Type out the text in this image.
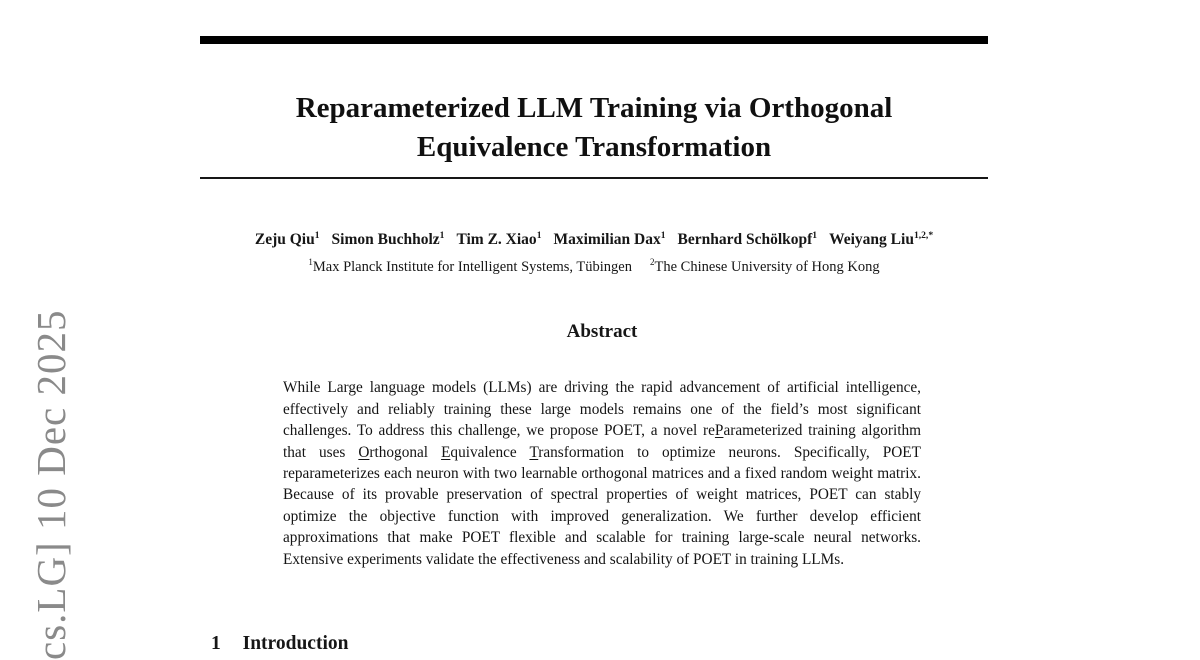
cs.LG] 10 Dec 2025
Reparameterized LLM Training via Orthogonal
Equivalence Transformation
Zeju Qiu$^1$ Simon Buchholz$^1$ Tim Z. Xiao$^1$ Maximilian Dax$^1$ Bernhard Schölkopf$^1$ Weiyang Liu$^{1,2,*}$
$^1$Max Planck Institute for Intelligent Systems, Tübingen $^2$The Chinese University of Hong Kong
Abstract

While Large language models (LLMs) are driving the rapid advancement of artificial intelligence, effectively and reliably training these large models remains one of the field’s most significant challenges. To address this challenge, we propose POET, a novel reParameterized training algorithm that uses Orthogonal Equivalence Transformation to optimize neurons. Specifically, POET reparameterizes each neuron with two learnable orthogonal matrices and a fixed random weight matrix. Because of its provable preservation of spectral properties of weight matrices, POET can stably optimize the objective function with improved generalization. We further develop efficient approximations that make POET flexible and scalable for training large-scale neural networks. Extensive experiments validate the effectiveness and scalability of POET in training LLMs.

1 Introduction
